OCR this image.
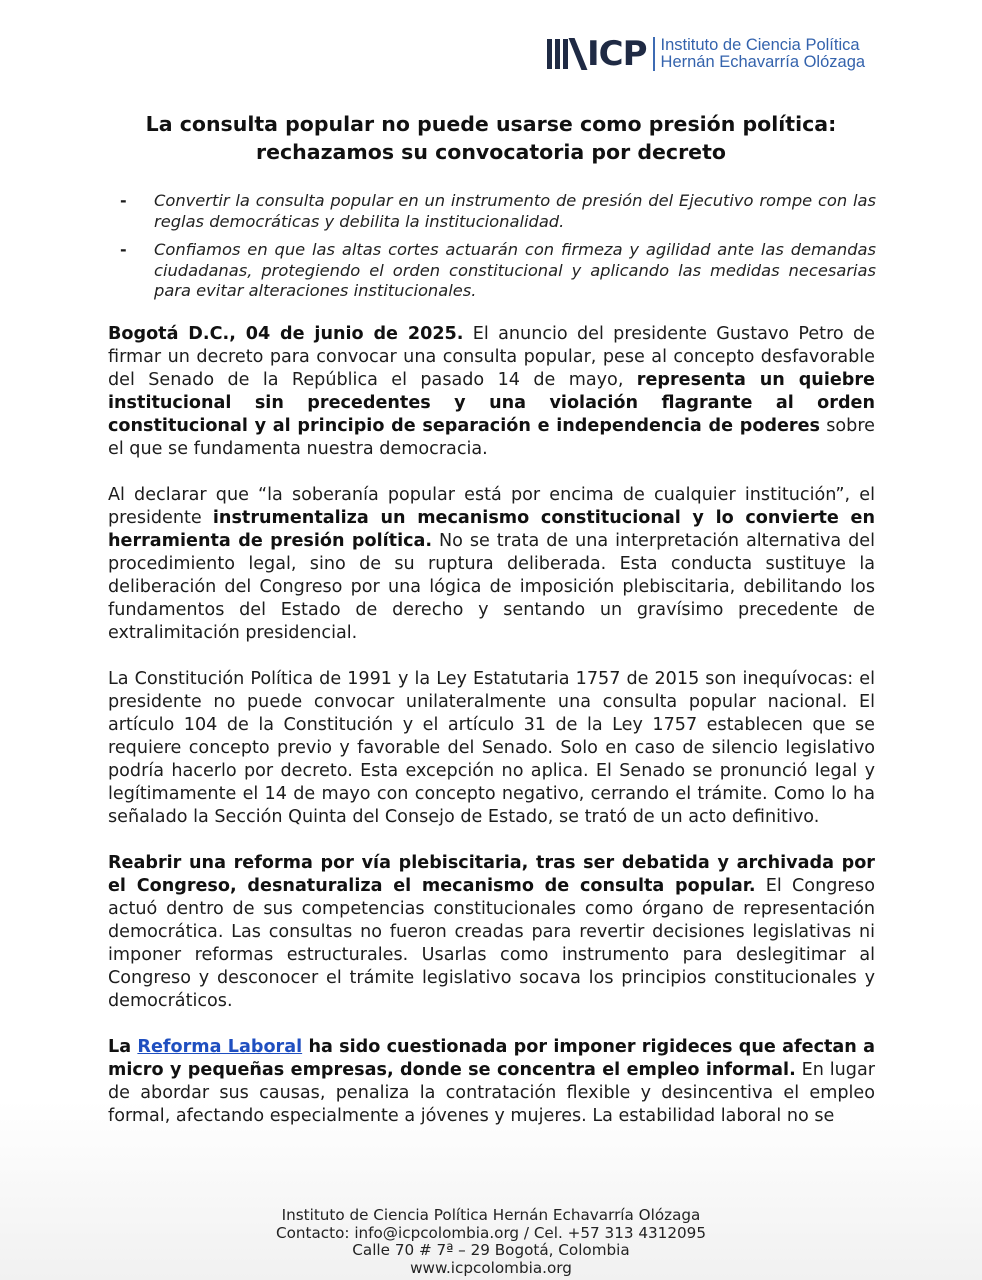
ICP Instituto de Ciencia Política
Hernán Echavarría Olózaga
La consulta popular no puede usarse como presión política:
rechazamos su convocatoria por decreto
-	Convertir la consulta popular en un instrumento de presión del Ejecutivo rompe con las reglas democráticas y debilita la institucionalidad.
-	Confiamos en que las altas cortes actuarán con firmeza y agilidad ante las demandas ciudadanas, protegiendo el orden constitucional y aplicando las medidas necesarias para evitar alteraciones institucionales.

Bogotá D.C., 04 de junio de 2025. El anuncio del presidente Gustavo Petro de firmar un decreto para convocar una consulta popular, pese al concepto desfavorable del Senado de la República el pasado 14 de mayo, representa un quiebre institucional sin precedentes y una violación flagrante al orden constitucional y al principio de separación e independencia de poderes sobre el que se fundamenta nuestra democracia.

Al declarar que “la soberanía popular está por encima de cualquier institución”, el presidente instrumentaliza un mecanismo constitucional y lo convierte en herramienta de presión política. No se trata de una interpretación alternativa del procedimiento legal, sino de su ruptura deliberada. Esta conducta sustituye la deliberación del Congreso por una lógica de imposición plebiscitaria, debilitando los fundamentos del Estado de derecho y sentando un gravísimo precedente de extralimitación presidencial.

La Constitución Política de 1991 y la Ley Estatutaria 1757 de 2015 son inequívocas: el presidente no puede convocar unilateralmente una consulta popular nacional. El artículo 104 de la Constitución y el artículo 31 de la Ley 1757 establecen que se requiere concepto previo y favorable del Senado. Solo en caso de silencio legislativo podría hacerlo por decreto. Esta excepción no aplica. El Senado se pronunció legal y legítimamente el 14 de mayo con concepto negativo, cerrando el trámite. Como lo ha señalado la Sección Quinta del Consejo de Estado, se trató de un acto definitivo.

Reabrir una reforma por vía plebiscitaria, tras ser debatida y archivada por el Congreso, desnaturaliza el mecanismo de consulta popular. El Congreso actuó dentro de sus competencias constitucionales como órgano de representación democrática. Las consultas no fueron creadas para revertir decisiones legislativas ni imponer reformas estructurales. Usarlas como instrumento para deslegitimar al Congreso y desconocer el trámite legislativo socava los principios constitucionales y democráticos.

La Reforma Laboral ha sido cuestionada por imponer rigideces que afectan a micro y pequeñas empresas, donde se concentra el empleo informal. En lugar de abordar sus causas, penaliza la contratación flexible y desincentiva el empleo formal, afectando especialmente a jóvenes y mujeres. La estabilidad laboral no se

Instituto de Ciencia Política Hernán Echavarría Olózaga
Contacto: info@icpcolombia.org / Cel. +57 313 4312095
Calle 70 # 7ª – 29 Bogotá, Colombia
www.icpcolombia.org
